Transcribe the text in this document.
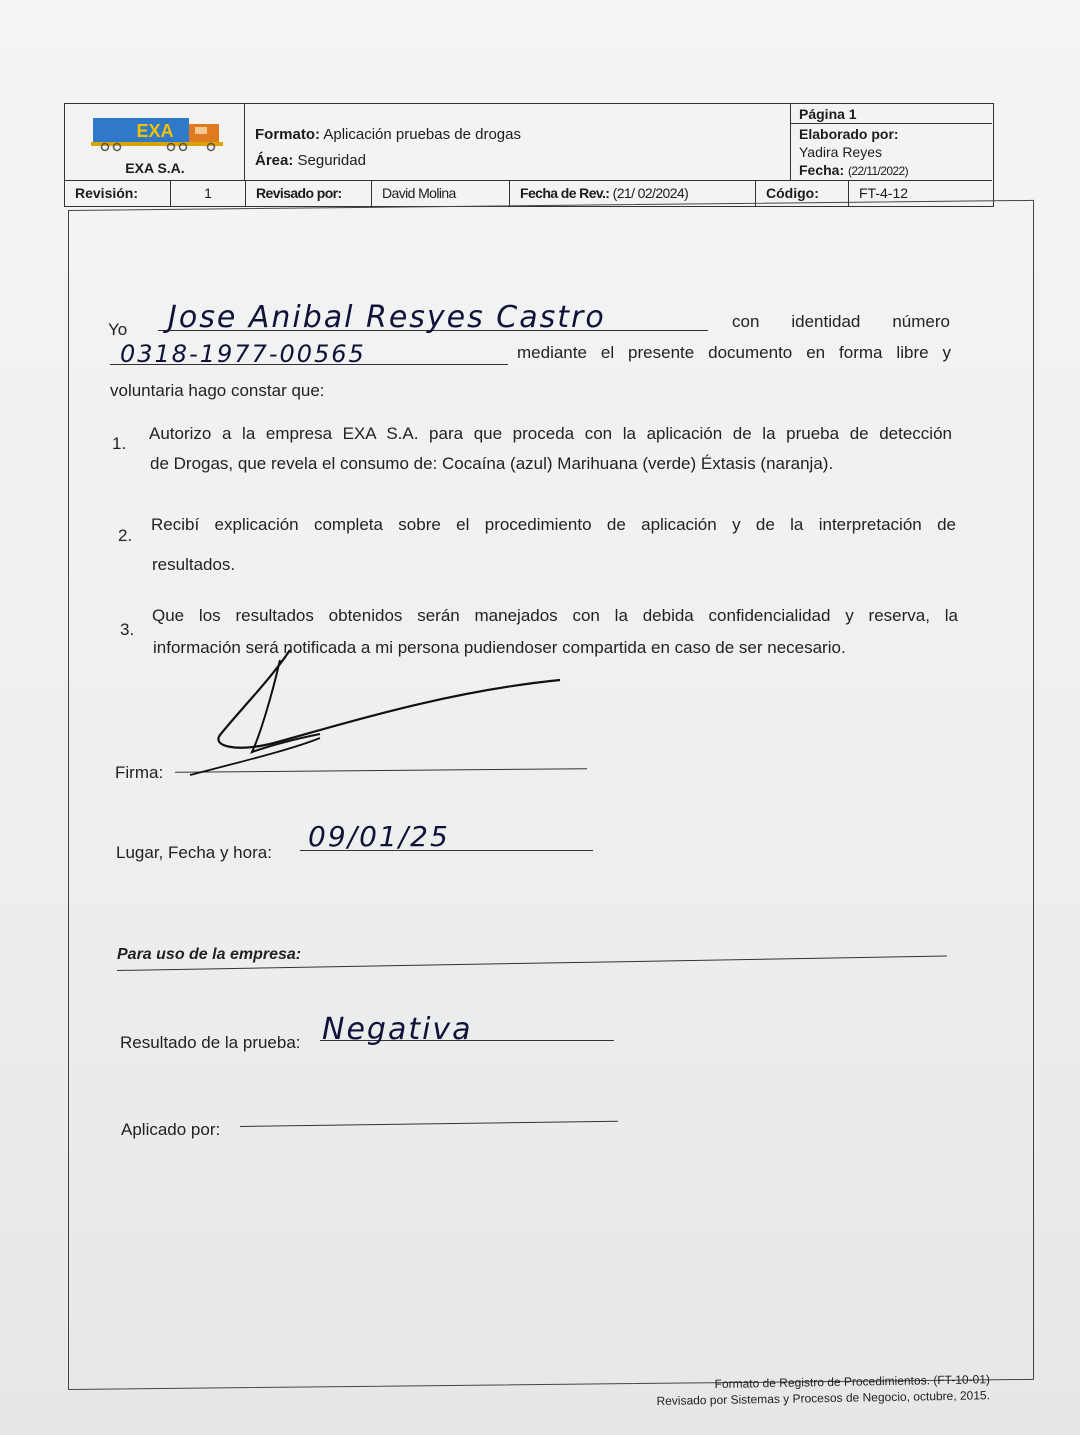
EXA
EXA S.A.
Formato: Aplicación pruebas de drogas
Área: Seguridad
Página 1
Elaborado por:
Yadira Reyes
Fecha: (22/11/2022)
Revisión:	1	Revisado por:	David Molina	Fecha de Rev.: (21/ 02/2024)	Código:	FT-4-12
Yo Jose Anibal Resyes Castro	con identidad número
0318-1977-00565	mediante el presente documento en forma libre y
voluntaria hago constar que:
1.
Autorizo a la empresa EXA S.A. para que proceda con la aplicación de la prueba de detección
de Drogas, que revela el consumo de: Cocaína (azul) Marihuana (verde) Éxtasis (naranja).
2.
Recibí explicación completa sobre el procedimiento de aplicación y de la interpretación de
resultados.
3.
Que los resultados obtenidos serán manejados con la debida confidencialidad y reserva, la
información será notificada a mi persona pudiendoser compartida en caso de ser necesario.
Firma:
Lugar, Fecha y hora: 09/01/25
Para uso de la empresa:
Resultado de la prueba: Negativa
Aplicado por:
Formato de Registro de Procedimientos. (FT-10-01)
Revisado por Sistemas y Procesos de Negocio, octubre, 2015.
